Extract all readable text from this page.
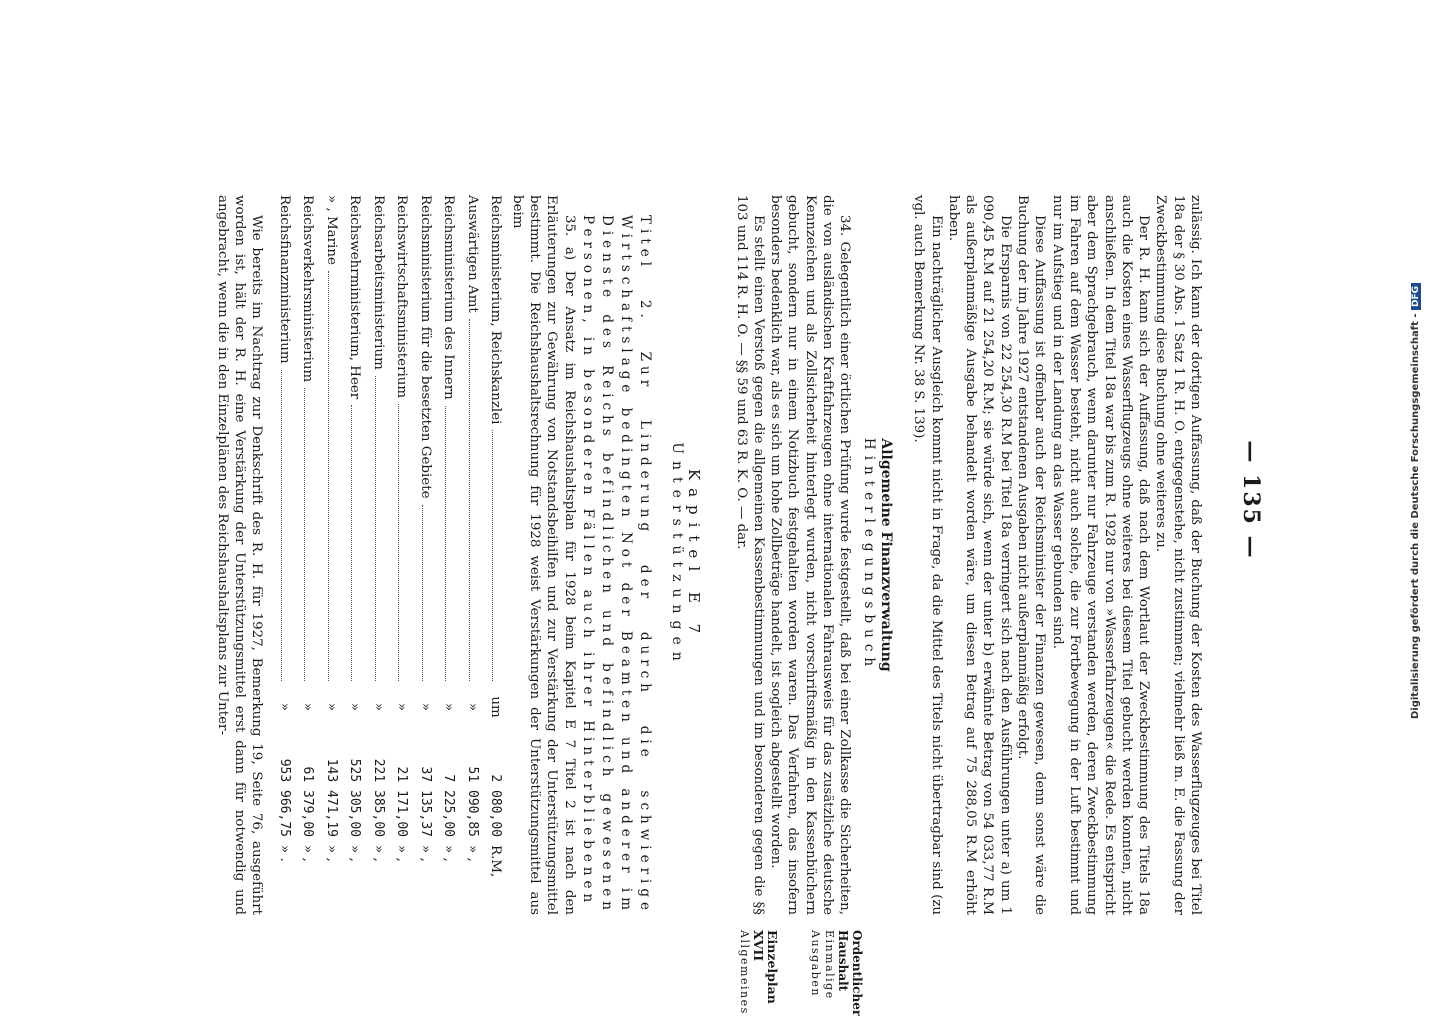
— 135 —

zulässig. Ich kann der dortigen Auffassung, daß der Buchung der Kosten des Wasserflugzeuges bei Titel 18a der § 30 Abs. 1 Satz 1 R. H. O. entgegenstehe, nicht zustimmen; vielmehr ließ m. E. die Fassung der Zweckbestimmung diese Buchung ohne weiteres zu.

Der R. H. kann sich der Auffassung, daß nach dem Wortlaut der Zweckbestimmung des Titels 18a auch die Kosten eines Wasserflugzeugs ohne weiteres bei diesem Titel gebucht werden konnten, nicht anschließen. In dem Titel 18a war bis zum R. 1928 nur von »Wasserfahrzeugen« die Rede. Es entspricht aber dem Sprachgebrauch, wenn darunter nur Fahrzeuge verstanden werden, deren Zweckbestimmung im Fahren auf dem Wasser besteht, nicht auch solche, die zur Fortbewegung in der Luft bestimmt und nur im Aufstieg und in der Landung an das Wasser gebunden sind.

Diese Auffassung ist offenbar auch der Reichsminister der Finanzen gewesen, denn sonst wäre die Buchung der im Jahre 1927 entstandenen Ausgaben nicht außerplanmäßig erfolgt.

Die Ersparnis von 22 254,30 R.M bei Titel 18a verringert sich nach den Ausführungen unter a) um 1 090,45 R.M auf 21 254,20 R.M; sie würde sich, wenn der unter b) erwähnte Betrag von 54 033,77 R.M als außerplanmäßige Ausgabe behandelt worden wäre, um diesen Betrag auf 75 288,05 R.M erhöht haben.

Ein nachträglicher Ausgleich kommt nicht in Frage, da die Mittel des Titels nicht übertragbar sind (zu vgl. auch Bemerkung Nr. 38 S. 139).

Allgemeine Finanzverwaltung
Hinterlegungsbuch

34. Gelegentlich einer örtlichen Prüfung wurde festgestellt, daß bei einer Zollkasse die Sicherheiten, die von ausländischen Kraftfahrzeugen ohne internationalen Fahrausweis für das zusätzliche deutsche Kennzeichen und als Zollsicherheit hinterlegt wurden, nicht vorschriftsmäßig in den Kassenbüchern gebucht, sondern nur in einem Notizbuch festgehalten worden waren. Das Verfahren, das insofern besonders bedenklich war, als es sich um hohe Zollbeträge handelt, ist sogleich abgestellt worden.

Es stellt einen Verstoß gegen die allgemeinen Kassenbestimmungen und im besonderen gegen die §§ 103 und 114 R. H. O. — §§ 59 und 63 R. K. O. — dar.

Kapitel E 7
Unterstützungen

Titel 2. Zur Linderung der durch die schwierige Wirtschaftslage bedingten Not der Beamten und anderer im Dienste des Reichs befindlichen und befindlich gewesenen Personen, in besonderen Fällen auch ihrer Hinterbliebenen

35. a) Der Ansatz im Reichshaushaltsplan für 1928 beim Kapitel E 7 Titel 2 ist nach den Erläuterungen zur Gewährung von Notstandsbeihilfen und zur Verstärkung der Unterstützungsmittel bestimmt. Die Reichshaushaltsrechnung für 1928 weist Verstärkungen der Unterstützungsmittel aus beim

Reichsministerium, Reichskanzlei
um
2 080,00
R.M,
Auswärtigen Amt
»
51 090,85
» ,
Reichsministerium des Innern
»
7 225,00
» ,
Reichsministerium für die besetzten Gebiete
»
37 135,37
» ,
Reichswirtschaftsministerium
»
21 171,00
» ,
Reichsarbeitsministerium
»
221 385,00
» ,
Reichswehrministerium, Heer
»
525 305,00
» ,
» , Marine
»
143 471,19
» ,
Reichsverkehrsministerium
»
61 379,00
» ,
Reichsfinanzministerium
»
953 966,75
» .

Wie bereits im Nachtrag zur Denkschrift des R. H. für 1927, Bemerkung 19, Seite 76, ausgeführt worden ist, hält der R. H. eine Verstärkung der Unterstützungsmittel erst dann für notwendig und angebracht, wenn die in den Einzelplänen des Reichshaushaltsplans zur Unter-

Einzelplan XVII
Allgemeines	Ordentlicher
Haushalt
Einmalige
Ausgaben
Digitalisierung gefördert durch die Deutsche Forschungsgemeinschaft - DFG
